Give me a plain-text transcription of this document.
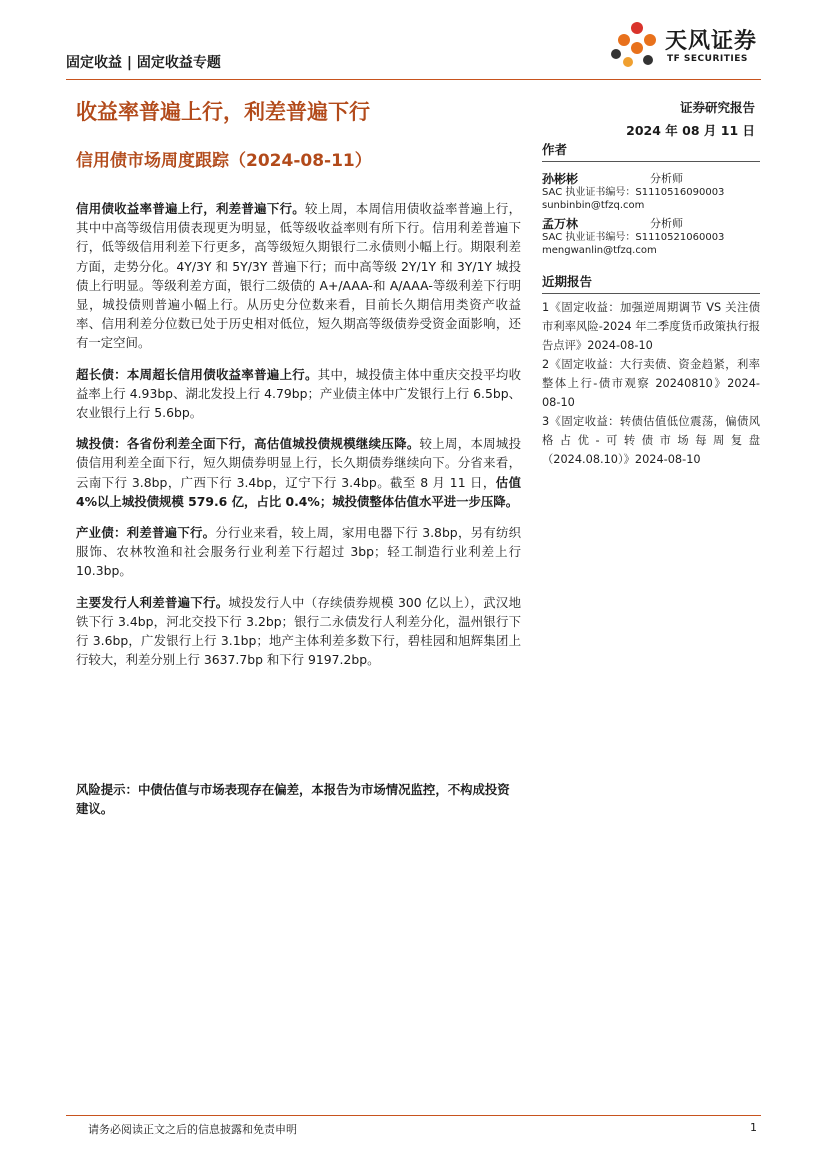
固定收益 | 固定收益专题
天风证券
TF SECURITIES
收益率普遍上行，利差普遍下行	证券研究报告
2024 年 08 月 11 日
信用债市场周度跟踪（2024-08-11）
作者
孙彬彬	分析师
SAC 执业证书编号：S1110516090003
sunbinbin@tfzq.com
孟万林	分析师
SAC 执业证书编号：S1110521060003
mengwanlin@tfzq.com
近期报告
1《固定收益：加强逆周期调节 VS 关注债市利率风险-2024 年二季度货币政策执行报告点评》2024-08-10
2《固定收益：大行卖债、资金趋紧，利率整体上行-债市观察 20240810》2024-08-10
3《固定收益：转债估值低位震荡，偏债风格占优-可转债市场每周复盘（2024.08.10）》2024-08-10

信用债收益率普遍上行，利差普遍下行。较上周，本周信用债收益率普遍上行，其中中高等级信用债表现更为明显，低等级收益率则有所下行。信用利差普遍下行，低等级信用利差下行更多，高等级短久期银行二永债则小幅上行。期限利差方面，走势分化。4Y/3Y 和 5Y/3Y 普遍下行；而中高等级 2Y/1Y 和 3Y/1Y 城投债上行明显。等级利差方面，银行二级债的 A+/AAA-和 A/AAA-等级利差下行明显，城投债则普遍小幅上行。从历史分位数来看，目前长久期信用类资产收益率、信用利差分位数已处于历史相对低位，短久期高等级债券受资金面影响，还有一定空间。

超长债：本周超长信用债收益率普遍上行。其中，城投债主体中重庆交投平均收益率上行 4.93bp、湖北发投上行 4.79bp；产业债主体中广发银行上行 6.5bp、农业银行上行 5.6bp。

城投债：各省份利差全面下行，高估值城投债规模继续压降。较上周，本周城投债信用利差全面下行，短久期债券明显上行，长久期债券继续向下。分省来看，云南下行 3.8bp，广西下行 3.4bp，辽宁下行 3.4bp。截至 8 月 11 日，估值 4%以上城投债规模 579.6 亿，占比 0.4%；城投债整体估值水平进一步压降。

产业债：利差普遍下行。分行业来看，较上周，家用电器下行 3.8bp，另有纺织服饰、农林牧渔和社会服务行业利差下行超过 3bp；轻工制造行业利差上行 10.3bp。

主要发行人利差普遍下行。城投发行人中（存续债券规模 300 亿以上），武汉地铁下行 3.4bp，河北交投下行 3.2bp；银行二永债发行人利差分化，温州银行下行 3.6bp，广发银行上行 3.1bp；地产主体利差多数下行，碧桂园和旭辉集团上行较大，利差分别上行 3637.7bp 和下行 9197.2bp。

风险提示：中债估值与市场表现存在偏差，本报告为市场情况监控，不构成投资建议。
请务必阅读正文之后的信息披露和免责申明	1
